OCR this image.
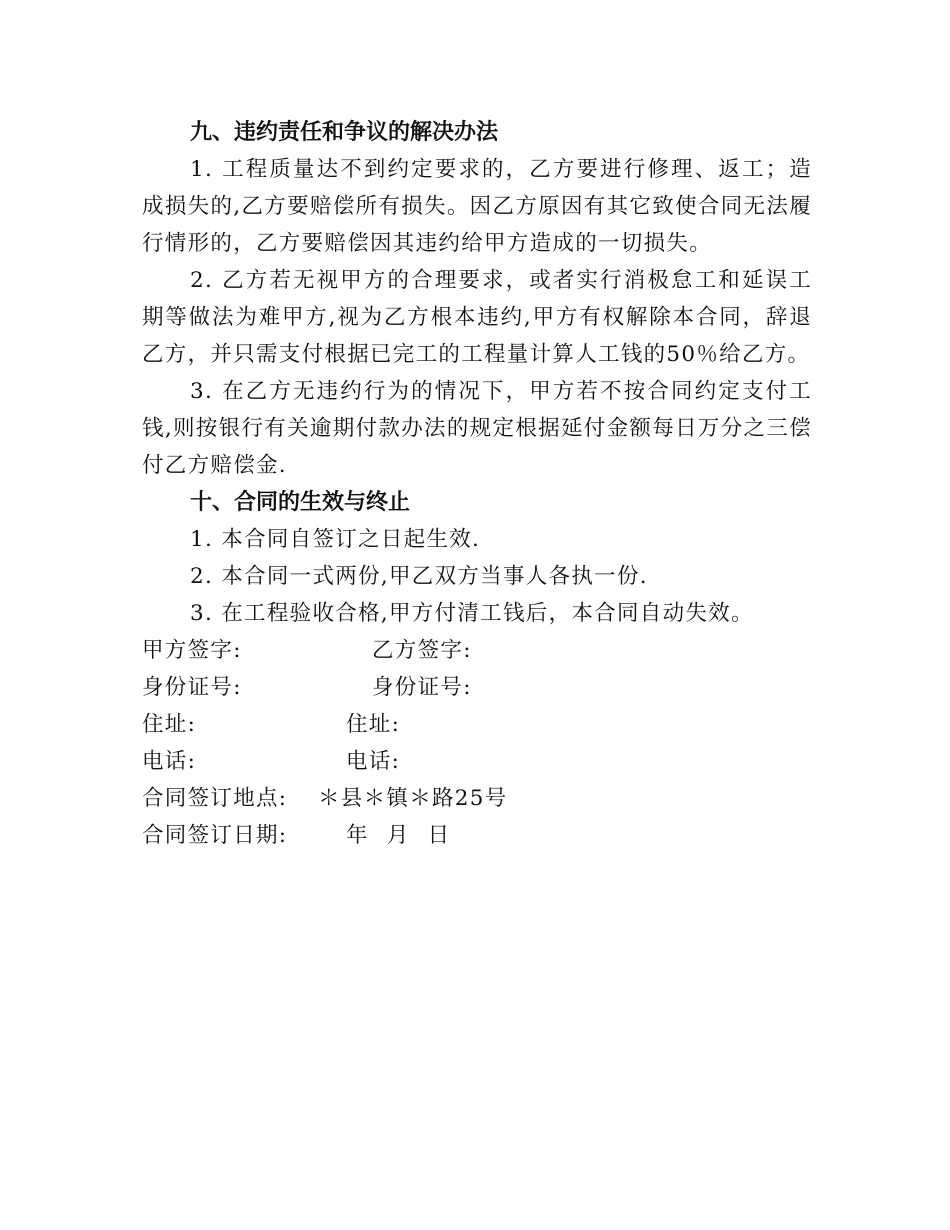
九、违约责任和争议的解决办法

1. 工程质量达不到约定要求的，乙方要进行修理、返工；造成损失的,乙方要赔偿所有损失。因乙方原因有其它致使合同无法履行情形的，乙方要赔偿因其违约给甲方造成的一切损失。

2. 乙方若无视甲方的合理要求，或者实行消极怠工和延误工期等做法为难甲方,视为乙方根本违约,甲方有权解除本合同，辞退乙方，并只需支付根据已完工的工程量计算人工钱的50％给乙方。

3. 在乙方无违约行为的情况下，甲方若不按合同约定支付工钱,则按银行有关逾期付款办法的规定根据延付金额每日万分之三偿付乙方赔偿金.

十、合同的生效与终止
1. 本合同自签订之日起生效.
2. 本合同一式两份,甲乙双方当事人各执一份.
3. 在工程验收合格,甲方付清工钱后，本合同自动失效。
甲方签字:	乙方签字:
身份证号:	身份证号:
住址:	住址:
电话:	电话:
合同签订地点: ＊县＊镇＊路25号
合同签订日期:	年 月 日
